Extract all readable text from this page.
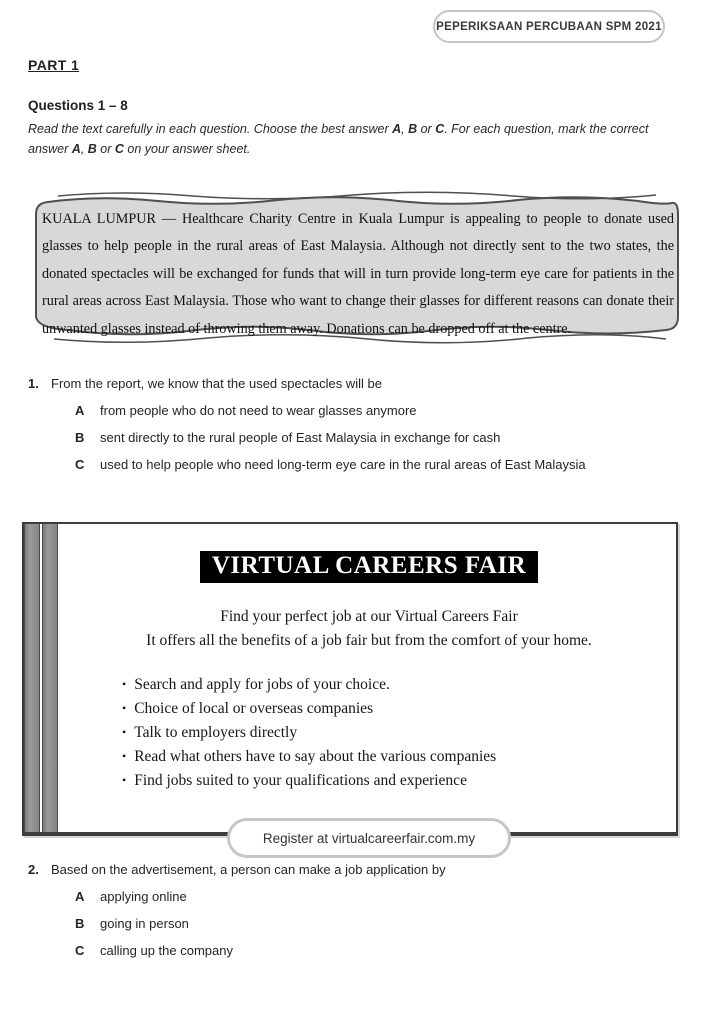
PEPERIKSAAN PERCUBAAN SPM 2021
PART 1
Questions 1 – 8

Read the text carefully in each question. Choose the best answer A, B or C. For each question, mark the correct answer A, B or C on your answer sheet.

KUALA LUMPUR — Healthcare Charity Centre in Kuala Lumpur is appealing to people to donate used glasses to help people in the rural areas of East Malaysia. Although not directly sent to the two states, the donated spectacles will be exchanged for funds that will in turn provide long-term eye care for patients in the rural areas across East Malaysia. Those who want to change their glasses for different reasons can donate their unwanted glasses instead of throwing them away. Donations can be dropped off at the centre.

1. From the report, we know that the used spectacles will be
A	from people who do not need to wear glasses anymore
B	sent directly to the rural people of East Malaysia in exchange for cash
C	used to help people who need long-term eye care in the rural areas of East Malaysia
VIRTUAL CAREERS FAIR

Find your perfect job at our Virtual Careers Fair

It offers all the benefits of a job fair but from the comfort of your home.

• Search and apply for jobs of your choice.
• Choice of local or overseas companies
• Talk to employers directly
• Read what others have to say about the various companies
• Find jobs suited to your qualifications and experience
Register at virtualcareerfair.com.my
2. Based on the advertisement, a person can make a job application by
A	applying online
B	going in person
C	calling up the company
